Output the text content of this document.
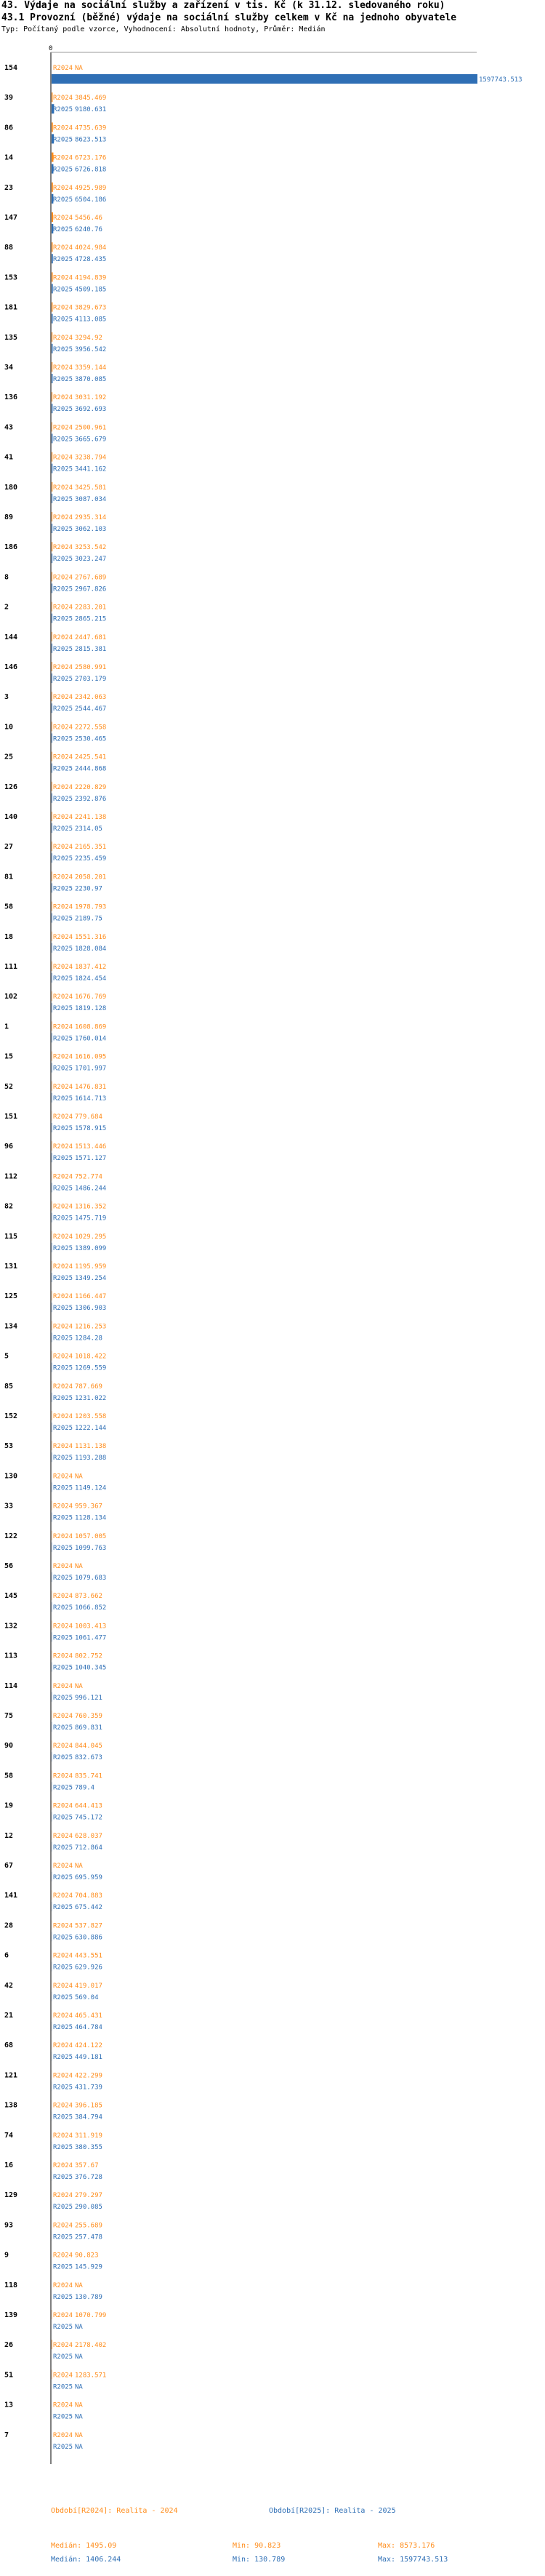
43. Výdaje na sociální služby a zařízení v tis. Kč (k 31.12. sledovaného roku)
43.1 Provozní (běžné) výdaje na sociální služby celkem v Kč na jednoho obyvatele
Typ: Počítaný podle vzorce, Vyhodnocení: Absolutní hodnoty, Průměr: Medián
0
154	R2024 NA
R2025	1597743.513
39	R2024 3845.469
R2025 9180.631
86	R2024 4735.639
R2025 8623.513
14	R2024 6723.176
R2025 6726.818
23	R2024 4925.989
R2025 6504.186
147	R2024 5456.46
R2025 6240.76
88	R2024 4024.984
R2025 4728.435
153	R2024 4194.839
R2025 4509.185
181	R2024 3829.673
R2025 4113.085
135	R2024 3294.92
R2025 3956.542
34	R2024 3359.144
R2025 3870.085
136	R2024 3031.192
R2025 3692.693
43	R2024 2500.961
R2025 3665.679
41	R2024 3238.794
R2025 3441.162
180	R2024 3425.581
R2025 3087.034
89	R2024 2935.314
R2025 3062.103
186	R2024 3253.542
R2025 3023.247
8	R2024 2767.689
R2025 2967.826
2	R2024 2283.201
R2025 2865.215
144	R2024 2447.681
R2025 2815.381
146	R2024 2580.991
R2025 2703.179
3	R2024 2342.063
R2025 2544.467
10	R2024 2272.558
R2025 2530.465
25	R2024 2425.541
R2025 2444.868
126	R2024 2220.829
R2025 2392.876
140	R2024 2241.138
R2025 2314.05
27	R2024 2165.351
R2025 2235.459
81	R2024 2058.201
R2025 2230.97
58	R2024 1978.793
R2025 2189.75
18	R2024 1551.316
R2025 1828.084
111	R2024 1837.412
R2025 1824.454
102	R2024 1676.769
R2025 1819.128
1	R2024 1608.869
R2025 1760.014
15	R2024 1616.095
R2025 1701.997
52	R2024 1476.831
R2025 1614.713
151	R2024 779.684
R2025 1578.915
96	R2024 1513.446
R2025 1571.127
112	R2024 752.774
R2025 1486.244
82	R2024 1316.352
R2025 1475.719
115	R2024 1029.295
R2025 1389.099
131	R2024 1195.959
R2025 1349.254
125	R2024 1166.447
R2025 1306.903
134	R2024 1216.253
R2025 1284.28
5	R2024 1018.422
R2025 1269.559
85	R2024 787.669
R2025 1231.022
152	R2024 1203.558
R2025 1222.144
53	R2024 1131.138
R2025 1193.288
130	R2024 NA
R2025 1149.124
33	R2024 959.367
R2025 1128.134
122	R2024 1057.005
R2025 1099.763
56	R2024 NA
R2025 1079.683
145	R2024 873.662
R2025 1066.852
132	R2024 1003.413
R2025 1061.477
113	R2024 802.752
R2025 1040.345
114	R2024 NA
R2025 996.121
75	R2024 760.359
R2025 869.831
90	R2024 844.045
R2025 832.673
58	R2024 835.741
R2025 789.4
19	R2024 644.413
R2025 745.172
12	R2024 628.037
R2025 712.864
67	R2024 NA
R2025 695.959
141	R2024 704.883
R2025 675.442
28	R2024 537.827
R2025 630.886
6	R2024 443.551
R2025 629.926
42	R2024 419.017
R2025 569.04
21	R2024 465.431
R2025 464.784
68	R2024 424.122
R2025 449.181
121	R2024 422.299
R2025 431.739
138	R2024 396.185
R2025 384.794
74	R2024 311.919
R2025 380.355
16	R2024 357.67
R2025 376.728
129	R2024 279.297
R2025 290.085
93	R2024 255.689
R2025 257.478
9	R2024 90.823
R2025 145.929
118	R2024 NA
R2025 130.789
139	R2024 1070.799
R2025 NA
26	R2024 2178.402
R2025 NA
51	R2024 1283.571
R2025 NA
13	R2024 NA
R2025 NA
7	R2024 NA
R2025 NA
Období[R2024]: Realita - 2024	Období[R2025]: Realita - 2025
Medián: 1495.09	Min: 90.823	Max: 8573.176
Medián: 1406.244	Min: 130.789	Max: 1597743.513
